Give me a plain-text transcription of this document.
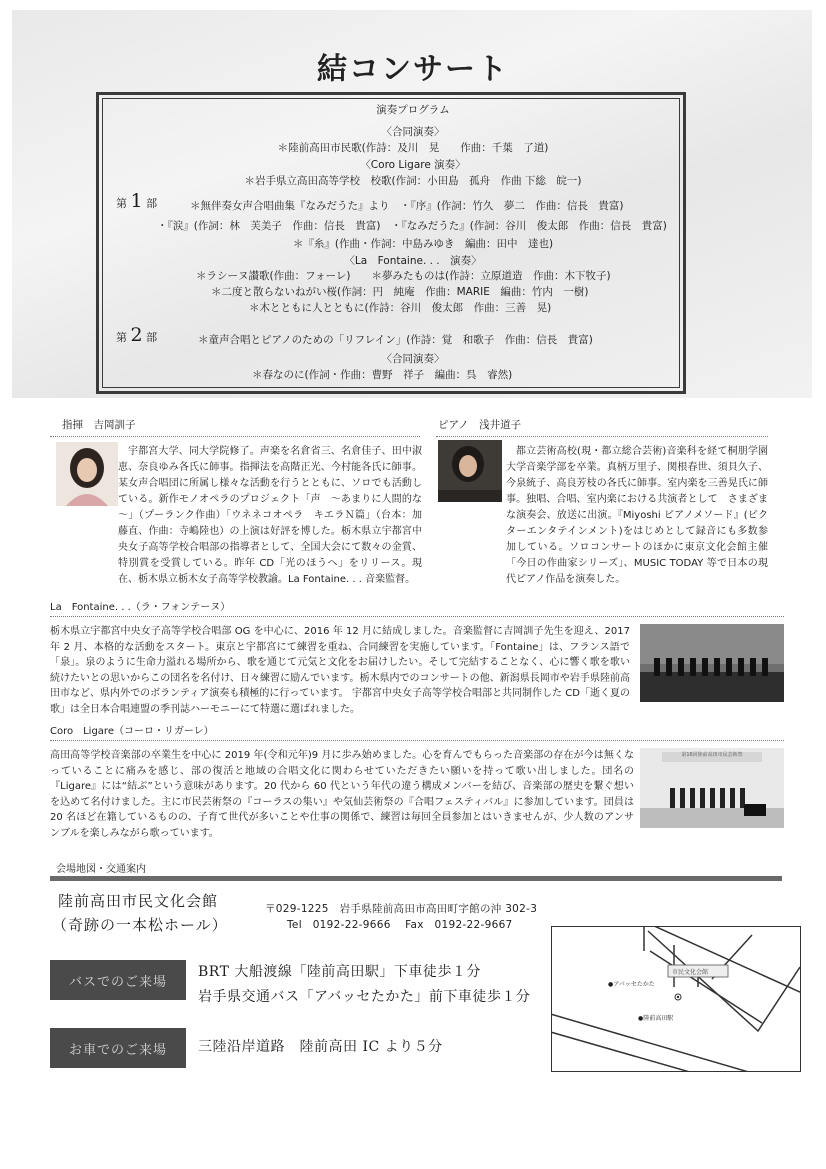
結コンサート
演奏プログラム
〈合同演奏〉
＊陸前高田市民歌(作詩：及川　晃　　作曲：千葉　了道)
〈Coro Ligare 演奏〉
＊岩手県立高田高等学校　校歌(作詞：小田島　孤舟　作曲 下総　皖一)
第 1 部	＊無伴奏女声合唱曲集『なみだうた』より　・『序』(作詞：竹久　夢二　作曲：信長　貴富)
・『涙』(作詞：林　芙美子　作曲：信長　貴富)　・『なみだうた』(作詞：谷川　俊太郎　作曲：信長　貴富)
＊『糸』(作曲・作詞：中島みゆき　編曲：田中　達也)
〈La　Fontaine. . .　演奏〉
＊ラシーヌ讃歌(作曲：フォーレ)　　＊夢みたものは(作詩：立原道造　作曲：木下牧子)
＊二度と散らないねがい桜(作詞：円　純庵　作曲：MARIE　編曲：竹内　一樹)
＊木とともに人とともに(作詩：谷川　俊太郎　作曲：三善　晃)
第 2 部	＊童声合唱とピアノのための「リフレイン」(作詩：覚　和歌子　作曲：信長　貴富)
〈合同演奏〉
＊春なのに(作詞・作曲：曹野　祥子　編曲：呉　睿然)
指揮　吉岡訓子
宇都宮大学、同大学院修了。声楽を名倉省三、名倉佳子、田中淑恵、奈良ゆみ各氏に師事。指揮法を高階正光、今村能各氏に師事。某女声合唱団に所属し様々な活動を行うとともに、ソロでも活動している。新作モノオペラのプロジェクト「声　～あまりに人間的な～」（プーランク作曲）「ウネネコオペラ　キエラＮ篇」（台本：加藤直、作曲：寺嶋陸也）の上演は好評を博した。栃木県立宇都宮中央女子高等学校合唱部の指導者として、全国大会にて数々の金賞、特別賞を受賞している。昨年 CD「光のほうへ」をリリース。現在、栃木県立栃木女子高等学校教諭。La Fontaine. . . 音楽監督。
ピアノ　浅井道子
都立芸術高校(現・都立総合芸術)音楽科を経て桐朋学園大学音楽学部を卒業。真柄万里子、関根春世、須貝久子、今泉統子、高良芳枝の各氏に師事。室内楽を三善晃氏に師事。独唱、合唱、室内楽における共演者として　さまざまな演奏会、放送に出演。『Miyoshi ピアノメソード』(ビクターエンタテインメント)をはじめとして録音にも多数参加している。ソロコンサートのほかに東京文化会館主催「今日の作曲家シリーズ」、MUSIC TODAY 等で日本の現代ピアノ作品を演奏した。
La　Fontaine. . .（ラ・フォンテーヌ）
栃木県立宇都宮中央女子高等学校合唱部 OG を中心に、2016 年 12 月に結成しました。音楽監督に吉岡訓子先生を迎え、2017 年 2 月、本格的な活動をスタート。東京と宇都宮にて練習を重ね、合同練習を実施しています。「Fontaine」は、フランス語で「泉」。泉のように生命力溢れる場所から、歌を通じて元気と文化をお届けしたい。そして完結することなく、心に響く歌を歌い続けたいとの思いからこの団名を名付け、日々練習に励んでいます。栃木県内でのコンサートの他、新潟県長岡市や岩手県陸前高田市など、県内外でのボランティア演奏も積極的に行っています。 宇都宮中央女子高等学校合唱部と共同制作した CD「逝く夏の歌」は全日本合唱連盟の季刊誌ハーモニーにて特選に選ばれました。
Coro　Ligare（コーロ・リガーレ）
高田高等学校音楽部の卒業生を中心に 2019 年(令和元年)9 月に歩み始めました。心を育んでもらった音楽部の存在が今は無くなっていることに痛みを感じ、部の復活と地域の合唱文化に関わらせていただきたい願いを持って歌い出しました。団名の『Ligare』には“結ぶ”という意味があります。20 代から 60 代という年代の違う構成メンバーを結び、音楽部の歴史を繋ぐ想いを込めて名付けました。主に市民芸術祭の『コーラスの集い』や気仙芸術祭の『合唱フェスティバル』に参加しています。団員は 20 名ほど在籍しているものの、子育て世代が多いことや仕事の関係で、練習は毎回全員参加とはいきませんが、少人数のアンサンブルを楽しみながら歌っています。
第16回陸前高田市民芸術祭
会場地図・交通案内
陸前高田市民文化会館
（奇跡の一本松ホール）
〒029-1225　岩手県陸前高田市高田町字館の沖 302-3
Tel　0192-22-9666　 Fax　0192-22-9667
バスでのご来場
BRT 大船渡線「陸前高田駅」下車徒歩１分
岩手県交通バス「アバッセたかた」前下車徒歩１分
お車でのご来場	三陸沿岸道路　陸前高田 IC より５分
●アバッセたかた
市民文化会館
●陸前高田駅
